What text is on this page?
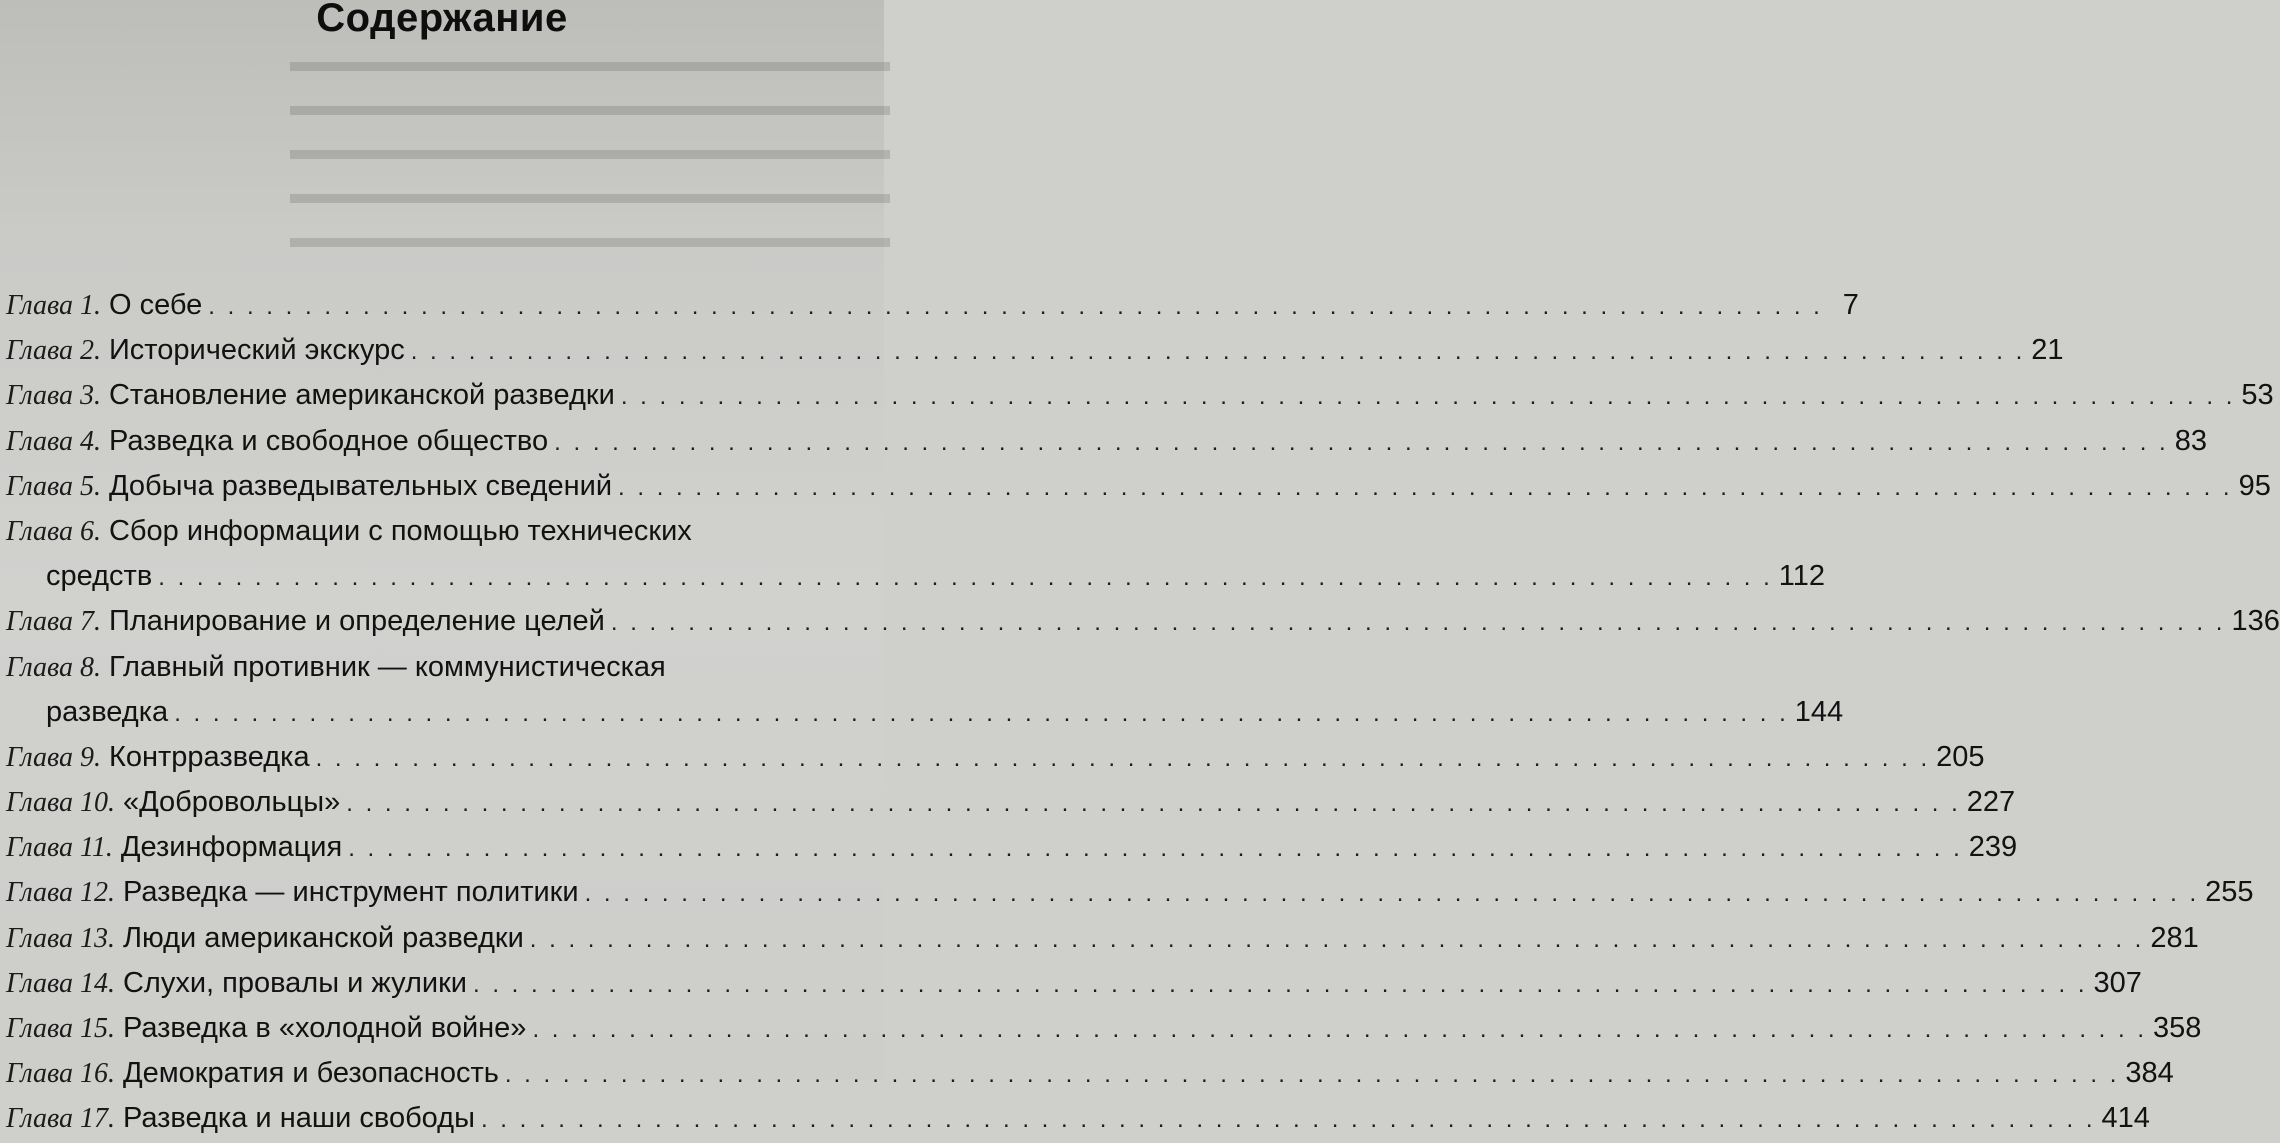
▬▬▬▬▬▬▬▬▬▬▬▬▬▬▬▬▬▬▬▬
▬▬▬▬▬▬▬▬▬▬▬▬▬▬▬▬▬▬▬▬
▬▬▬▬▬▬▬▬▬▬▬▬▬▬▬▬▬▬▬▬
▬▬▬▬▬▬▬▬▬▬▬▬▬▬▬▬▬▬▬▬
▬▬▬▬▬▬▬▬▬▬▬▬▬▬▬▬▬▬▬▬
Содержание
Глава 1. О себе . . .	7
Глава 2. Исторический экскурс . . .	21
Глава 3. Становление американской разведки . . .	53
Глава 4. Разведка и свободное общество . . .	83
Глава 5. Добыча разведывательных сведений . . .	95
Глава 6. Сбор информации с помощью технических
средств . . .	112
Глава 7. Планирование и определение целей . . .	136
Глава 8. Главный противник — коммунистическая
разведка . . .	144
Глава 9. Контрразведка . . .	205
Глава 10. «Добровольцы» . . .	227
Глава 11. Дезинформация . . .	239
Глава 12. Разведка — инструмент политики . . .	255
Глава 13. Люди американской разведки . . .	281
Глава 14. Слухи, провалы и жулики . . .	307
Глава 15. Разведка в «холодной войне» . . .	358
Глава 16. Демократия и безопасность . . .	384
Глава 17. Разведка и наши свободы . . .	414
